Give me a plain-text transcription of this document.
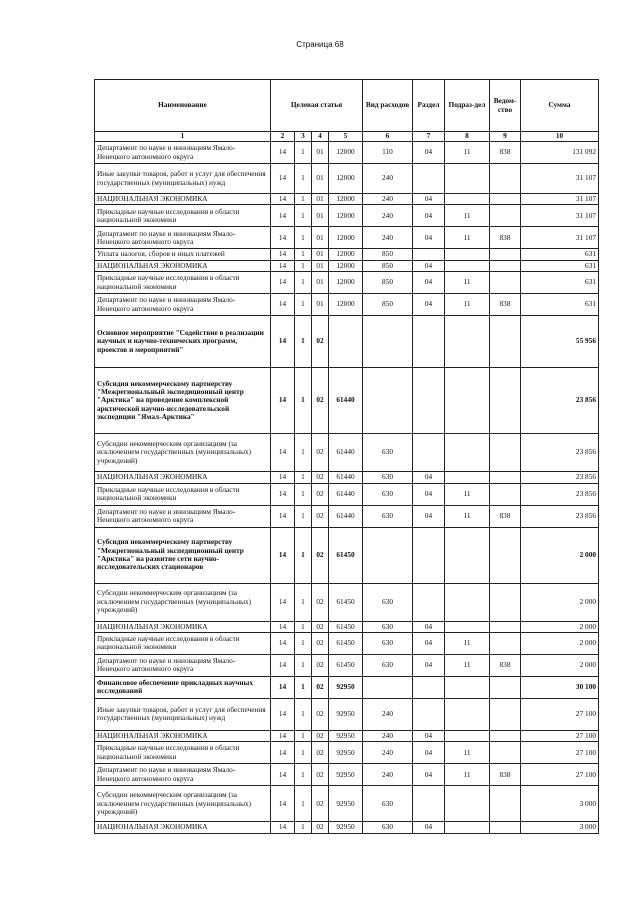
Страница 68
Наименование	Целевая статья				Вид расходов	Раздел	Подраз-дел	Ведом-ство	Сумма
1	2	3	4	5	6	7	8	9	10
Департамент по науке и инновациям Ямало-Ненецкого автономного округа	14	1	01	12000	110	04	11	838	131 092
Иные закупки товаров, работ и услуг для обеспечения государственных (муниципальных) нужд	14	1	01	12000	240				31 107
НАЦИОНАЛЬНАЯ ЭКОНОМИКА	14	1	01	12000	240	04			31 107
Прикладные научные исследования в области национальной экономики	14	1	01	12000	240	04	11		31 107
Департамент по науке и инновациям Ямало-Ненецкого автономного округа	14	1	01	12000	240	04	11	838	31 107
Уплата налогов, сборов и иных платежей	14	1	01	12000	850				631
НАЦИОНАЛЬНАЯ ЭКОНОМИКА	14	1	01	12000	850	04			631
Прикладные научные исследования в области национальной экономики	14	1	01	12000	850	04	11		631
Департамент по науке и инновациям Ямало-Ненецкого автономного округа	14	1	01	12000	850	04	11	838	631
Основное мероприятие "Содействие в реализации научных и научно-технических программ, проектов и мероприятий"	14	1	02						55 956
Субсидия некоммерческому партнерству "Межрегиональный экспедиционный центр "Арктика" на проведение комплексной арктической научно-исследовательской экспедиции "Ямал-Арктика"	14	1	02	61440					23 856
Субсидии некоммерческим организациям (за исключением государственных (муниципальных) учреждений)	14	1	02	61440	630				23 856
НАЦИОНАЛЬНАЯ ЭКОНОМИКА	14	1	02	61440	630	04			23 856
Прикладные научные исследования в области национальной экономики	14	1	02	61440	630	04	11		23 856
Департамент по науке и инновациям Ямало-Ненецкого автономного округа	14	1	02	61440	630	04	11	838	23 856
Субсидия некоммерческому партнерству "Межрегиональный экспедиционный центр "Арктика" на развитие сети научно-исследовательских стационаров	14	1	02	61450					2 000
Субсидии некоммерческим организациям (за исключением государственных (муниципальных) учреждений)	14	1	02	61450	630				2 000
НАЦИОНАЛЬНАЯ ЭКОНОМИКА	14	1	02	61450	630	04			2 000
Прикладные научные исследования в области национальной экономики	14	1	02	61450	630	04	11		2 000
Департамент по науке и инновациям Ямало-Ненецкого автономного округа	14	1	02	61450	630	04	11	838	2 000
Финансовое обеспечение прикладных научных исследований	14	1	02	92950					30 100
Иные закупки товаров, работ и услуг для обеспечения государственных (муниципальных) нужд	14	1	02	92950	240				27 100
НАЦИОНАЛЬНАЯ ЭКОНОМИКА	14	1	02	92950	240	04			27 100
Прикладные научные исследования в области национальной экономики	14	1	02	92950	240	04	11		27 100
Департамент по науке и инновациям Ямало-Ненецкого автономного округа	14	1	02	92950	240	04	11	838	27 100
Субсидии некоммерческим организациям (за исключением государственных (муниципальных) учреждений)	14	1	02	92950	630				3 000
НАЦИОНАЛЬНАЯ ЭКОНОМИКА	14	1	02	92950	630	04			3 000
